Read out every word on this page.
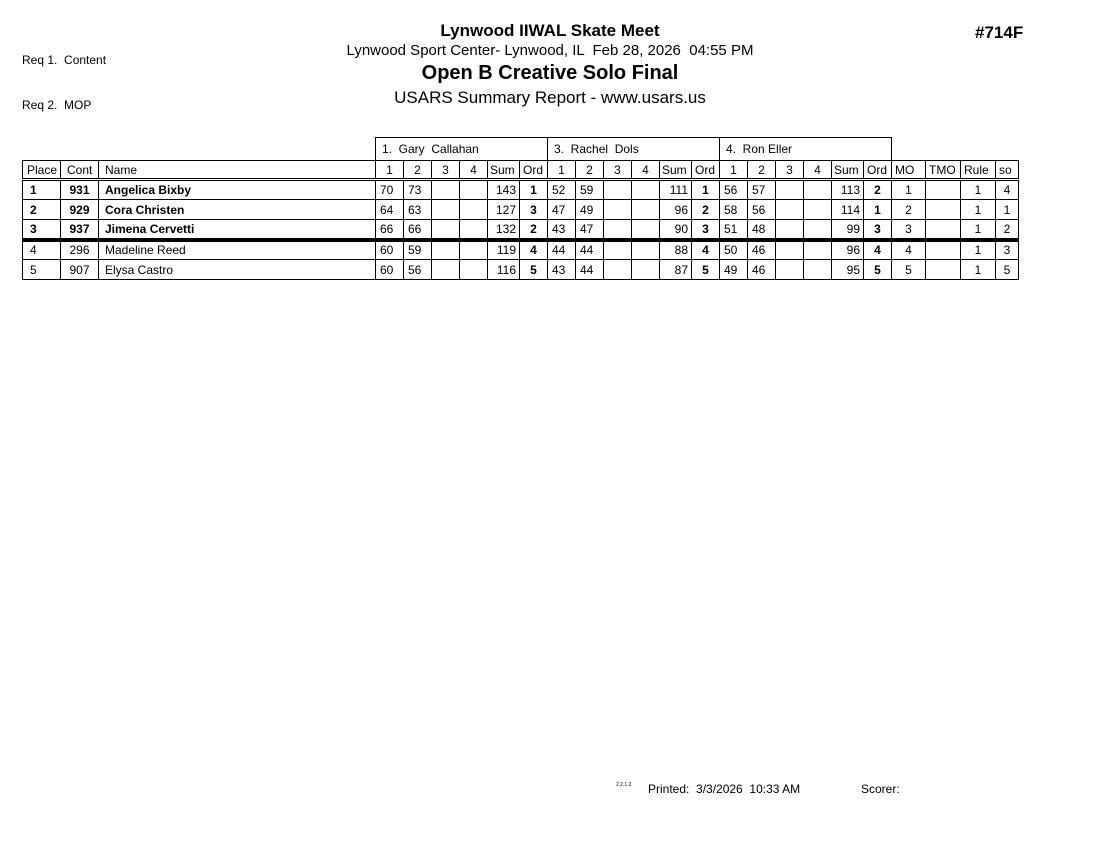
Req 1.  Content

Req 2.  MOP

Lynwood IIWAL Skate Meet
Lynwood Sport Center- Lynwood, IL  Feb 28, 2026  04:55 PM
Open B Creative Solo Final
USARS Summary Report - www.usars.us
#714F
			1.  Gary  Callahan						3.  Rachel  Dols						4.  Ron Eller									
Place	Cont	Name	1	2	3	4	Sum	Ord	1	2	3	4	Sum	Ord	1	2	3	4	Sum	Ord	MO	TMO	Rule	so
1	931	Angelica Bixby	70	73			143	1	52	59			111	1	56	57			113	2	1		1	4
2	929	Cora Christen	64	63			127	3	47	49			96	2	58	56			114	1	2		1	1
3	937	Jimena Cervetti	66	66			132	2	43	47			90	3	51	48			99	3	3		1	2
4	296	Madeline Reed	60	59			119	4	44	44			88	4	50	46			96	4	4		1	3
5	907	Elysa Castro	60	56			116	5	43	44			87	5	49	46			95	5	5		1	5
2.2.1.2 Printed:  3/3/2026  10:33 AM	Scorer:
